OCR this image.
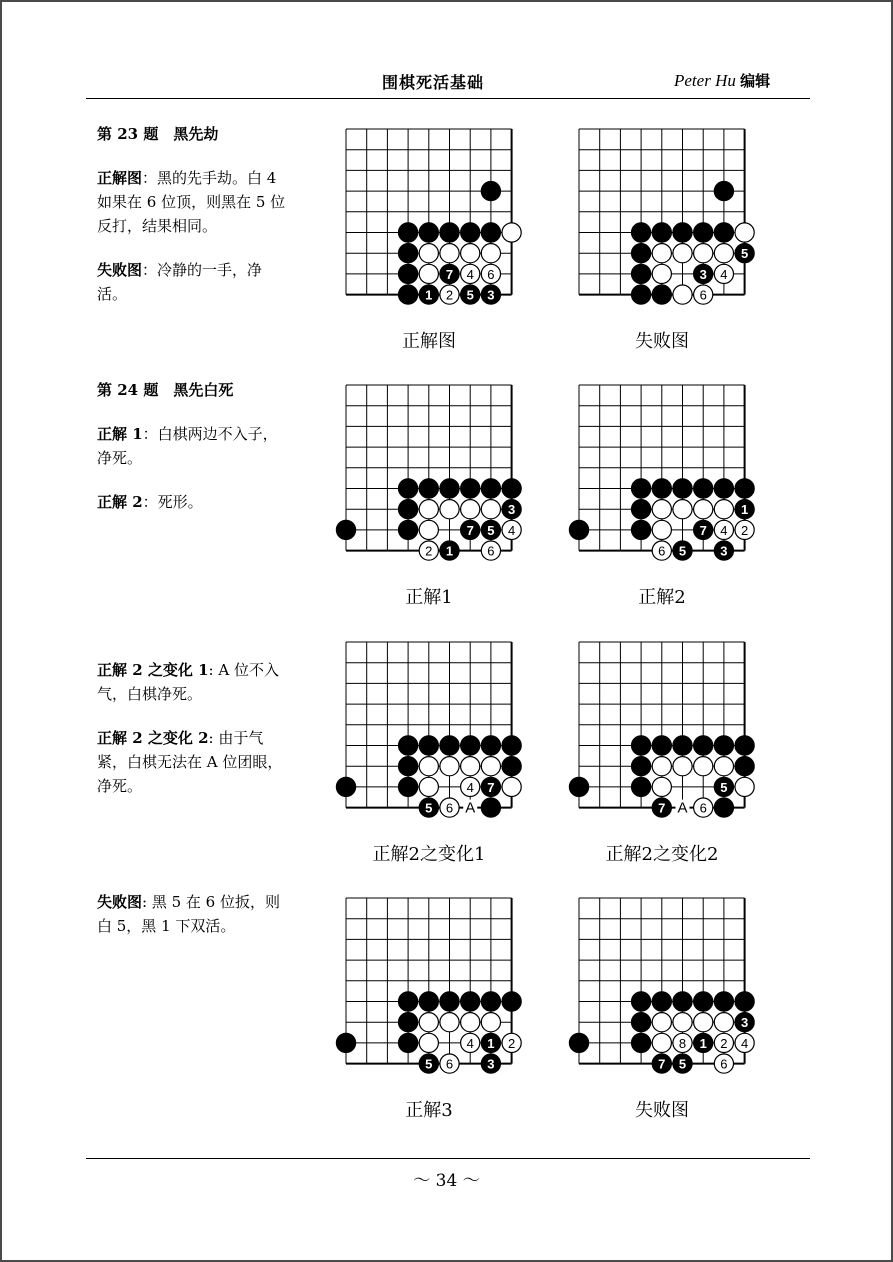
围棋死活基础	Peter Hu 编辑

第 23 题　黑先劫

正解图：黑的先手劫。白 4 如果在 6 位顶，则黑在 5 位反打，结果相同。

失败图：冷静的一手，净活。

第 24 题　黑先白死

正解 1：白棋两边不入子，净死。

正解 2：死形。

正解 2 之变化 1: A 位不入气，白棋净死。

正解 2 之变化 2: 由于气紧，白棋无法在 A 位团眼，净死。

失败图: 黑 5 在 6 位扳，则白 5，黑 1 下双活。

7 4 6
1 2 5 3
正解图
5
3 4
6
失败图
3
7 5 4
2 1	6
正解1
1
7 4 2
6 5	3
正解2
4 7
5 6 A
正解2之变化1
5
7 A 6
正解2之变化2
4 1 2
5 6	3
正解3
3
8 1 2 4
7 5	6
失败图
～ 34 ～
